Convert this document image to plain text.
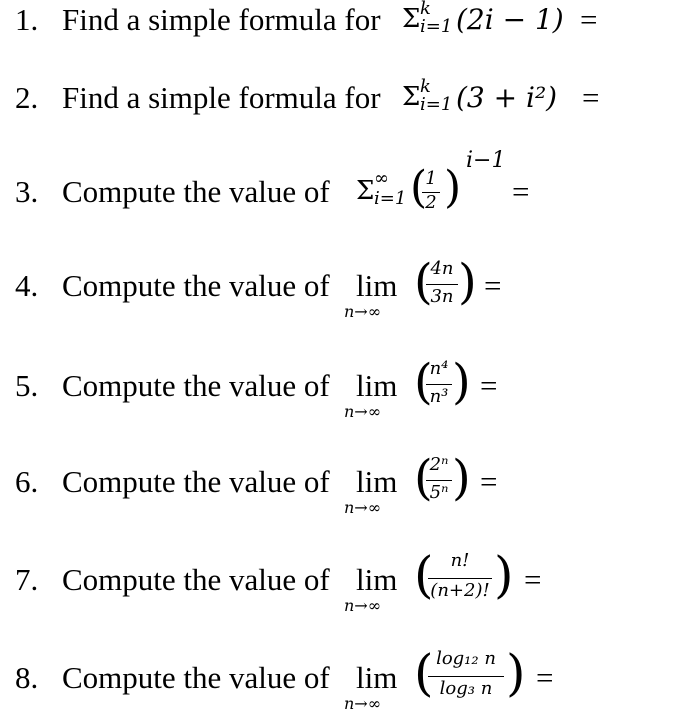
1. Find a simple formula for Σ k
i=1 (2i − 1) =
2. Find a simple formula for Σ k
i=1 (3 + i²) =
3. Compute the value of Σ ∞
i=1 (
1
2 )
i−1
=
4. Compute the value of lim
n→∞
(
4n
3n ) =
5. Compute the value of lim
n→∞
(
n⁴
n³ ) =
6. Compute the value of lim
n→∞
(
2ⁿ
5ⁿ ) =
7. Compute the value of lim
n→∞
( n!
(n+2)! ) =
8. Compute the value of lim
n→∞
( log₁₂ n
log₃ n ) =
